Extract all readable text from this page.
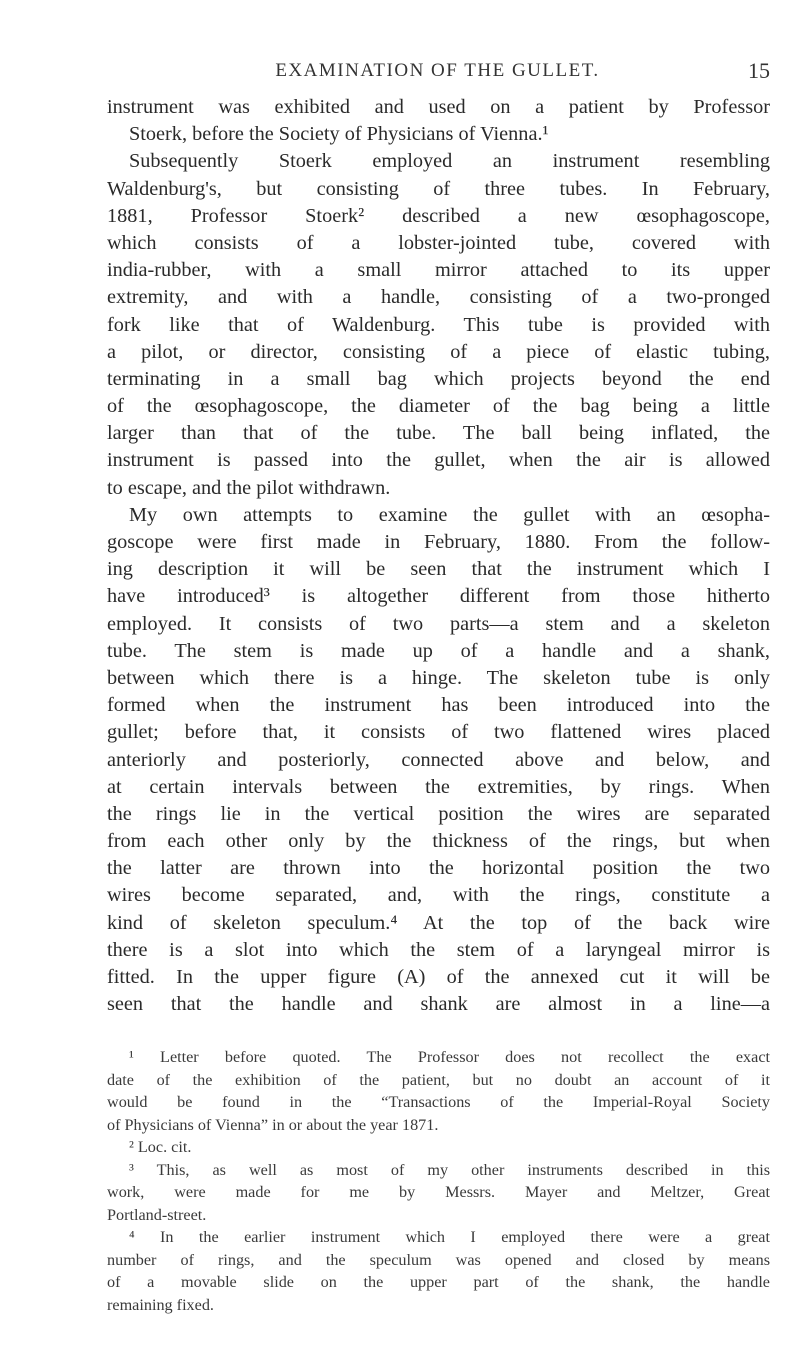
EXAMINATION OF THE GULLET.	15
instrument was exhibited and used on a patient by Professor
Stoerk, before the Society of Physicians of Vienna.¹
Subsequently Stoerk employed an instrument resembling
Waldenburg's, but consisting of three tubes. In February,
1881, Professor Stoerk² described a new œsophagoscope,
which consists of a lobster-jointed tube, covered with
india-rubber, with a small mirror attached to its upper
extremity, and with a handle, consisting of a two-pronged
fork like that of Waldenburg. This tube is provided with
a pilot, or director, consisting of a piece of elastic tubing,
terminating in a small bag which projects beyond the end
of the œsophagoscope, the diameter of the bag being a little
larger than that of the tube. The ball being inflated, the
instrument is passed into the gullet, when the air is allowed
to escape, and the pilot withdrawn.
My own attempts to examine the gullet with an œsopha-
goscope were first made in February, 1880. From the follow-
ing description it will be seen that the instrument which I
have introduced³ is altogether different from those hitherto
employed. It consists of two parts—a stem and a skeleton
tube. The stem is made up of a handle and a shank,
between which there is a hinge. The skeleton tube is only
formed when the instrument has been introduced into the
gullet; before that, it consists of two flattened wires placed
anteriorly and posteriorly, connected above and below, and
at certain intervals between the extremities, by rings. When
the rings lie in the vertical position the wires are separated
from each other only by the thickness of the rings, but when
the latter are thrown into the horizontal position the two
wires become separated, and, with the rings, constitute a
kind of skeleton speculum.⁴ At the top of the back wire
there is a slot into which the stem of a laryngeal mirror is
fitted. In the upper figure (A) of the annexed cut it will be
seen that the handle and shank are almost in a line—a
¹ Letter before quoted. The Professor does not recollect the exact
date of the exhibition of the patient, but no doubt an account of it
would be found in the “Transactions of the Imperial-Royal Society
of Physicians of Vienna” in or about the year 1871.
² Loc. cit.
³ This, as well as most of my other instruments described in this
work, were made for me by Messrs. Mayer and Meltzer, Great
Portland-street.
⁴ In the earlier instrument which I employed there were a great
number of rings, and the speculum was opened and closed by means
of a movable slide on the upper part of the shank, the handle
remaining fixed.
